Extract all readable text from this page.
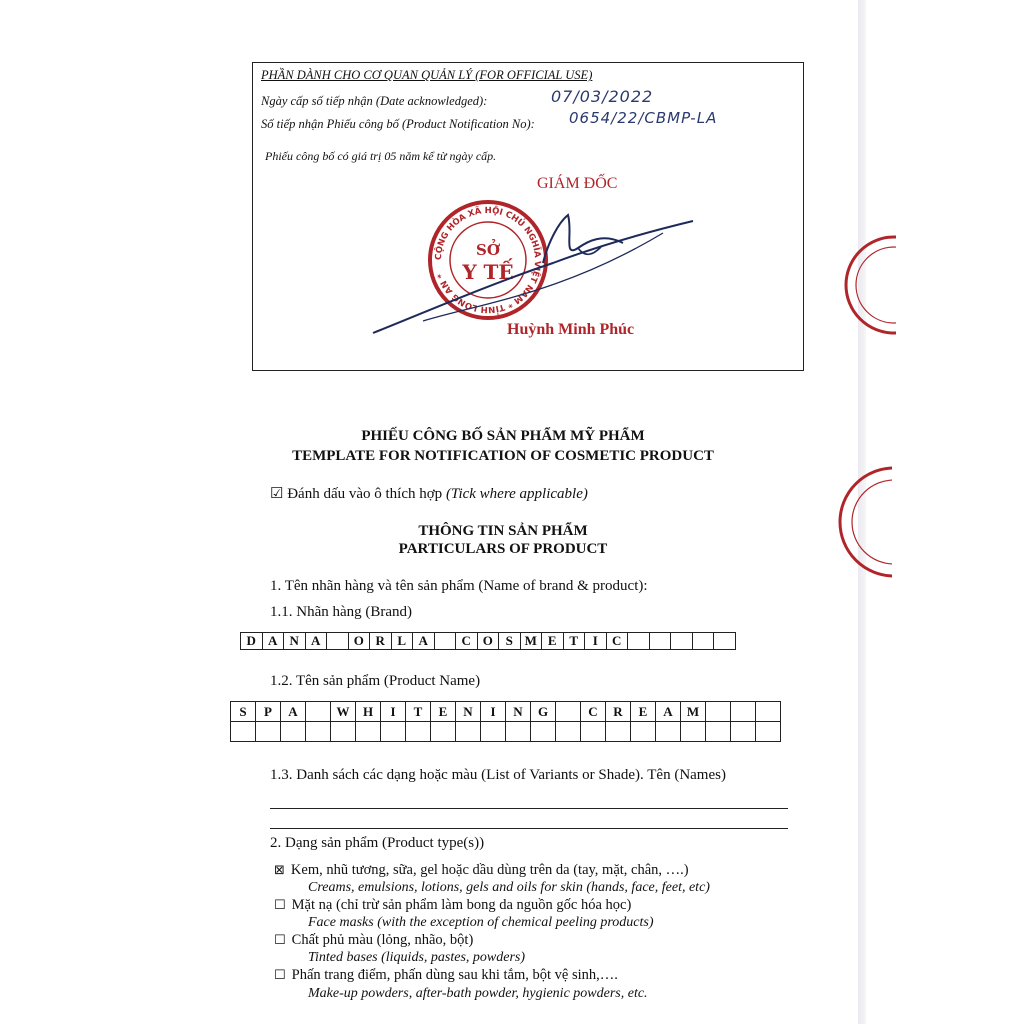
PHẦN DÀNH CHO CƠ QUAN QUẢN LÝ (FOR OFFICIAL USE)
Ngày cấp số tiếp nhận (Date acknowledged):	07/03/2022
Số tiếp nhận Phiếu công bố (Product Notification No): 0654/22/CBMP-LA
Phiếu công bố có giá trị 05 năm kể từ ngày cấp.
GIÁM ĐỐC
CỘNG HÒA XÃ HỘI CHỦ NGHĨA VIỆT NAM * TỈNH LONG AN *
SỞ
Y TẾ
Huỳnh Minh Phúc
PHIẾU CÔNG BỐ SẢN PHẨM MỸ PHẨM
TEMPLATE FOR NOTIFICATION OF COSMETIC PRODUCT
☑ Đánh dấu vào ô thích hợp (Tick where applicable)
THÔNG TIN SẢN PHẨM
PARTICULARS OF PRODUCT
1. Tên nhãn hàng và tên sản phẩm (Name of brand & product):
1.1. Nhãn hàng (Brand)
D	A	N	A		O	R	L	A		C	O	S	M	E	T	I	C					
1.2. Tên sản phẩm (Product Name)
S	P	A		W	H	I	T	E	N	I	N	G		C	R	E	A	M			

1.3. Danh sách các dạng hoặc màu (List of Variants or Shade). Tên (Names)
2. Dạng sản phẩm (Product type(s))
⊠ Kem, nhũ tương, sữa, gel hoặc dầu dùng trên da (tay, mặt, chân, ….)
Creams, emulsions, lotions, gels and oils for skin (hands, face, feet, etc)
☐ Mặt nạ (chỉ trừ sản phẩm làm bong da nguồn gốc hóa học)
Face masks (with the exception of chemical peeling products)
☐ Chất phủ màu (lỏng, nhão, bột)
Tinted bases (liquids, pastes, powders)
☐ Phấn trang điểm, phấn dùng sau khi tắm, bột vệ sinh,….
Make-up powders, after-bath powder, hygienic powders, etc.
